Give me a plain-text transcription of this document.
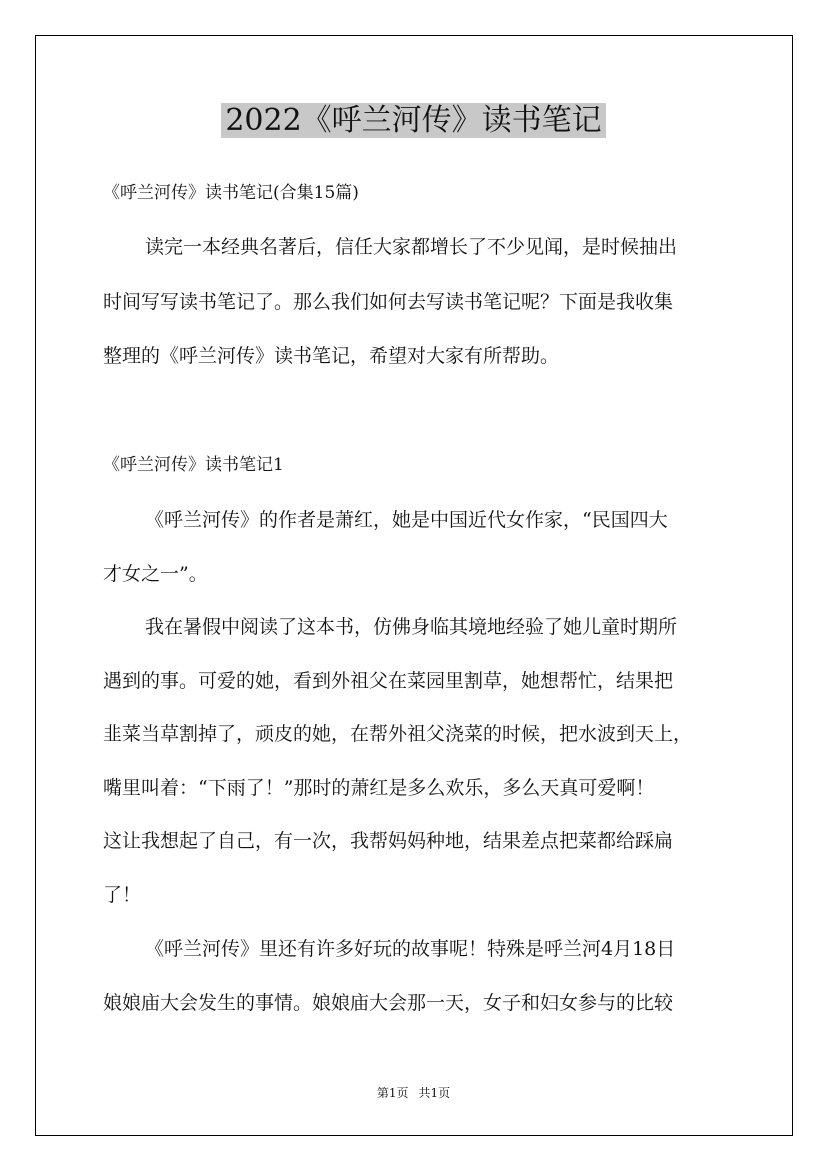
2022《呼兰河传》读书笔记
《呼兰河传》读书笔记(合集15篇)
读完一本经典名著后，信任大家都增长了不少见闻，是时候抽出
时间写写读书笔记了。那么我们如何去写读书笔记呢？下面是我收集
整理的《呼兰河传》读书笔记，希望对大家有所帮助。
《呼兰河传》读书笔记1
《呼兰河传》的作者是萧红，她是中国近代女作家，“民国四大
才女之一”。
我在暑假中阅读了这本书，仿佛身临其境地经验了她儿童时期所
遇到的事。可爱的她，看到外祖父在菜园里割草，她想帮忙，结果把
韭菜当草割掉了，顽皮的她，在帮外祖父浇菜的时候，把水波到天上，
嘴里叫着：“下雨了！”那时的萧红是多么欢乐，多么天真可爱啊！
这让我想起了自己，有一次，我帮妈妈种地，结果差点把菜都给踩扁
了！
《呼兰河传》里还有许多好玩的故事呢！特殊是呼兰河4月18日
娘娘庙大会发生的事情。娘娘庙大会那一天，女子和妇女参与的比较
第1页 共1页
